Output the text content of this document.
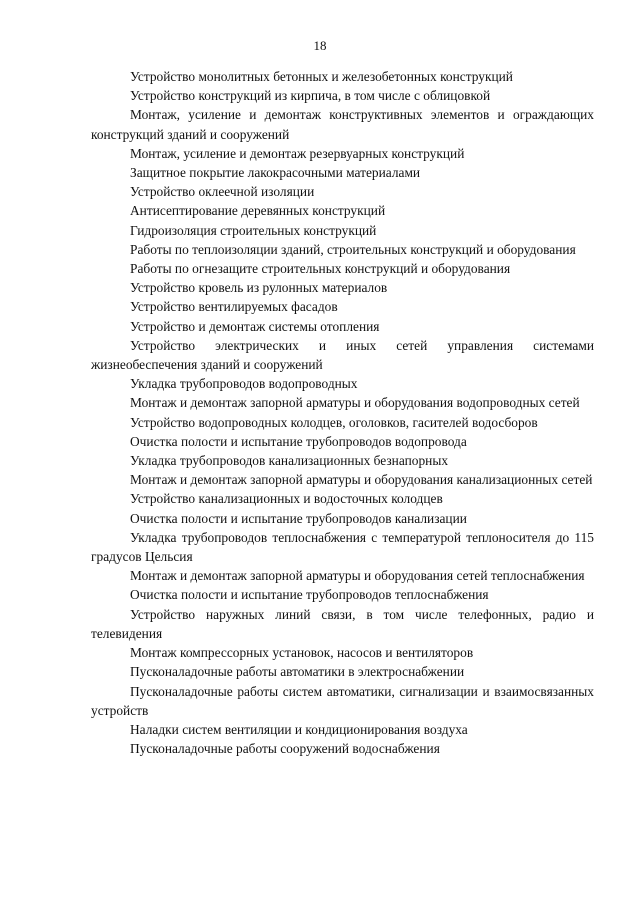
18

Устройство монолитных бетонных и железобетонных конструкций

Устройство конструкций из кирпича, в том числе с облицовкой

Монтаж, усиление и демонтаж конструктивных элементов и ограждающих конструкций зданий и сооружений

Монтаж, усиление и демонтаж резервуарных конструкций

Защитное покрытие лакокрасочными материалами

Устройство оклеечной изоляции

Антисептирование деревянных конструкций

Гидроизоляция строительных конструкций

Работы по теплоизоляции зданий, строительных конструкций и оборудования

Работы по огнезащите строительных конструкций и оборудования

Устройство кровель из рулонных материалов

Устройство вентилируемых фасадов

Устройство и демонтаж системы отопления

Устройство электрических и иных сетей управления системами жизнеобеспечения зданий и сооружений

Укладка трубопроводов водопроводных

Монтаж и демонтаж запорной арматуры и оборудования водопроводных сетей

Устройство водопроводных колодцев, оголовков, гасителей водосборов

Очистка полости и испытание трубопроводов водопровода

Укладка трубопроводов канализационных безнапорных

Монтаж и демонтаж запорной арматуры и оборудования канализационных сетей

Устройство канализационных и водосточных колодцев

Очистка полости и испытание трубопроводов канализации

Укладка трубопроводов теплоснабжения с температурой теплоносителя до 115 градусов Цельсия

Монтаж и демонтаж запорной арматуры и оборудования сетей теплоснабжения

Очистка полости и испытание трубопроводов теплоснабжения

Устройство наружных линий связи, в том числе телефонных, радио и телевидения

Монтаж компрессорных установок, насосов и вентиляторов

Пусконаладочные работы автоматики в электроснабжении

Пусконаладочные работы систем автоматики, сигнализации и взаимосвязанных устройств

Наладки систем вентиляции и кондиционирования воздуха

Пусконаладочные работы сооружений водоснабжения
